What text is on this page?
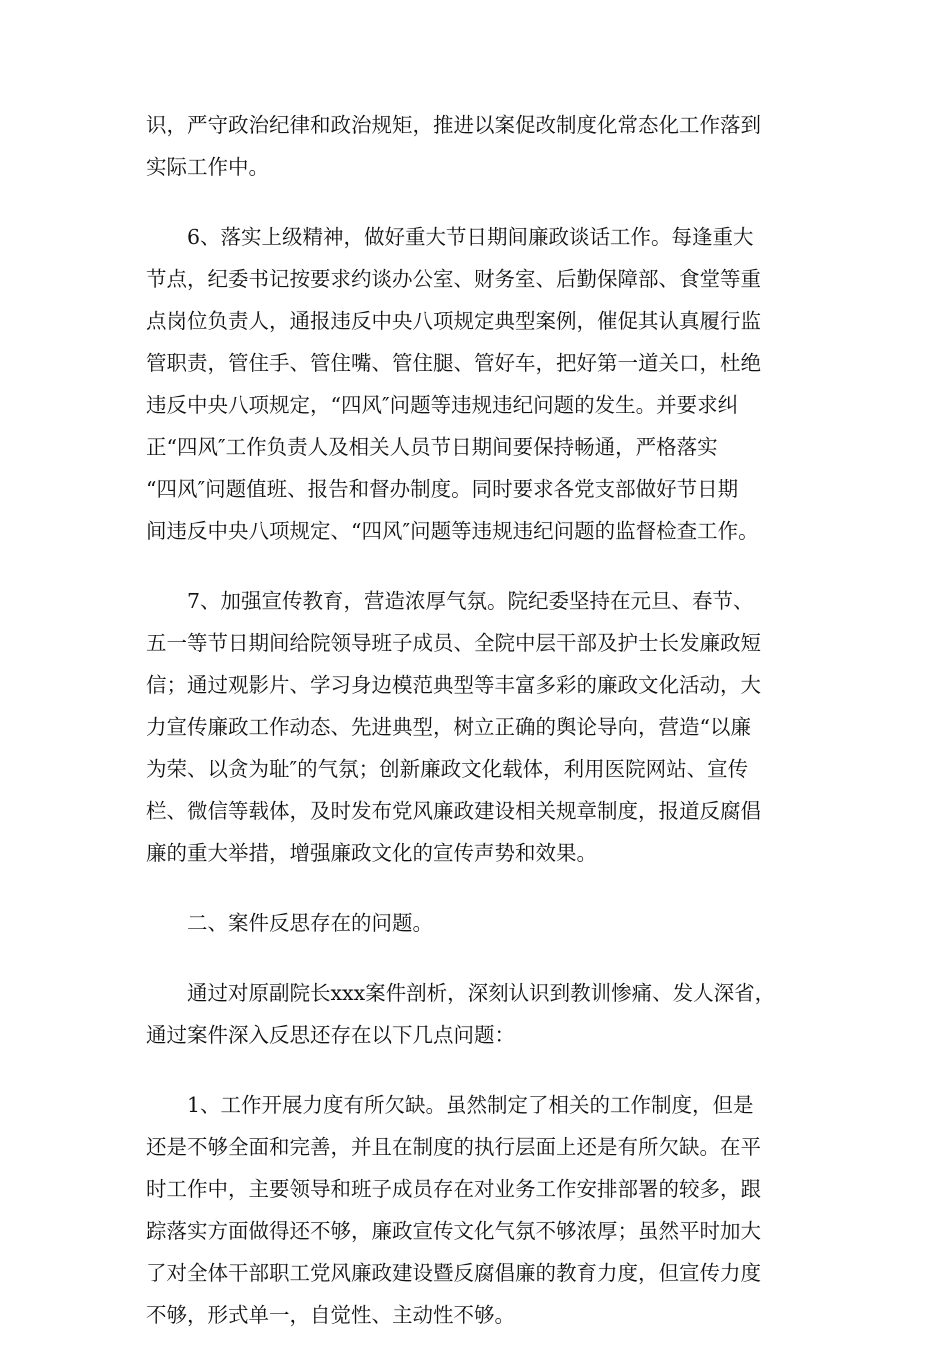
识，严守政治纪律和政治规矩，推进以案促改制度化常态化工作落到
实际工作中。

6、落实上级精神，做好重大节日期间廉政谈话工作。每逢重大
节点，纪委书记按要求约谈办公室、财务室、后勤保障部、食堂等重
点岗位负责人，通报违反中央八项规定典型案例，催促其认真履行监
管职责，管住手、管住嘴、管住腿、管好车，把好第一道关口，杜绝
违反中央八项规定，“四风″问题等违规违纪问题的发生。并要求纠
正“四风″工作负责人及相关人员节日期间要保持畅通，严格落实
“四风″问题值班、报告和督办制度。同时要求各党支部做好节日期
间违反中央八项规定、“四风″问题等违规违纪问题的监督检查工作。

7、加强宣传教育，营造浓厚气氛。院纪委坚持在元旦、春节、
五一等节日期间给院领导班子成员、全院中层干部及护士长发廉政短
信；通过观影片、学习身边模范典型等丰富多彩的廉政文化活动，大
力宣传廉政工作动态、先进典型，树立正确的舆论导向，营造“以廉
为荣、以贪为耻″的气氛；创新廉政文化载体，利用医院网站、宣传
栏、微信等载体，及时发布党风廉政建设相关规章制度，报道反腐倡
廉的重大举措，增强廉政文化的宣传声势和效果。

二、案件反思存在的问题。

通过对原副院长xxx案件剖析，深刻认识到教训惨痛、发人深省，
通过案件深入反思还存在以下几点问题：

1、工作开展力度有所欠缺。虽然制定了相关的工作制度，但是
还是不够全面和完善，并且在制度的执行层面上还是有所欠缺。在平
时工作中，主要领导和班子成员存在对业务工作安排部署的较多，跟
踪落实方面做得还不够，廉政宣传文化气氛不够浓厚；虽然平时加大
了对全体干部职工党风廉政建设暨反腐倡廉的教育力度，但宣传力度
不够，形式单一，自觉性、主动性不够。
